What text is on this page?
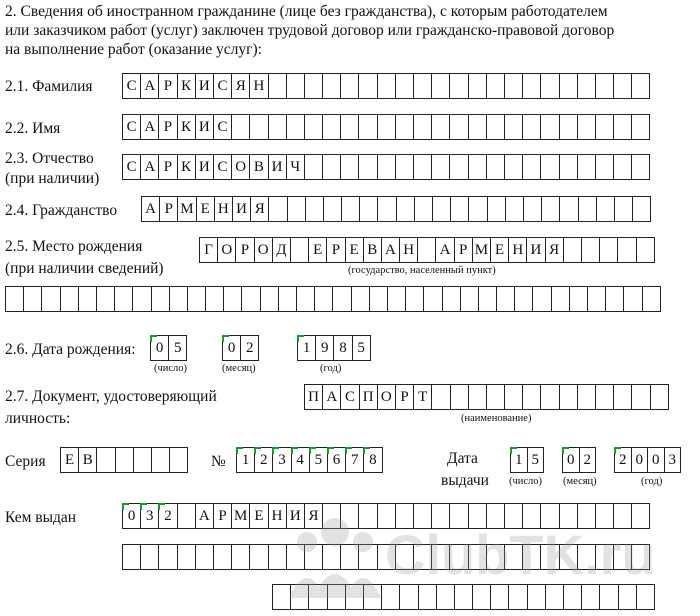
2. Сведения об иностранном гражданине (лице без гражданства), с которым работодателем
или заказчиком работ (услуг) заключен трудовой договор или гражданско-правовой договор
на выполнение работ (оказание услуг):
2.1. Фамилия	С А Р К И С Я Н
2.2. Имя	С А Р К И С
2.3. Отчество
(при наличии)
С А Р К И С О В И Ч
2.4. Гражданство А Р М Е Н И Я
2.5. Место рождения
(при наличии сведений)
Г О Р О Д	Е Р Е В А Н А Р М Е Н И Я
(государство, населенный пункт)
2.6. Дата рождения:	0 5	0 2	1 9 8 5
(число)	(месяц)	(год)
2.7. Документ, удостоверяющий
личность:
П А С П О Р Т
(наименование)
Серия	Е В	№	1 2 3 4 5 6 7 8	Дата
выдачи
1 5	0 2	2 0 0 3
(число) (месяц)	(год)
Кем выдан	0 3 2	А Р М Е Н И Я
ClubTK.ru
